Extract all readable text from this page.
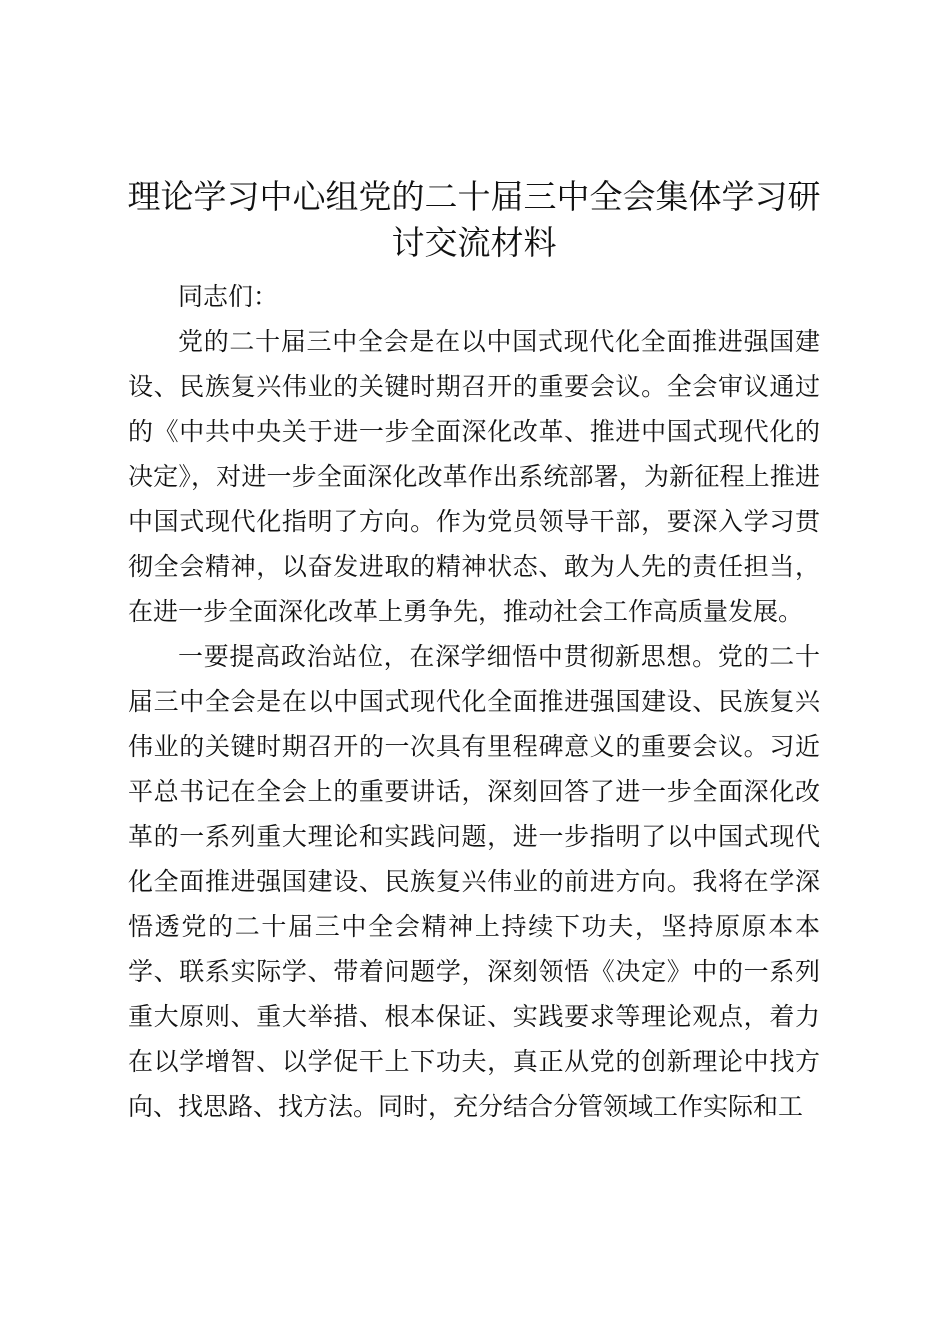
理论学习中心组党的二十届三中全会集体学习研讨交流材料

同志们：

党的二十届三中全会是在以中国式现代化全面推进强国建设、民族复兴伟业的关键时期召开的重要会议。全会审议通过的《中共中央关于进一步全面深化改革、推进中国式现代化的决定》，对进一步全面深化改革作出系统部署，为新征程上推进中国式现代化指明了方向。作为党员领导干部，要深入学习贯彻全会精神，以奋发进取的精神状态、敢为人先的责任担当，在进一步全面深化改革上勇争先，推动社会工作高质量发展。

一要提高政治站位，在深学细悟中贯彻新思想。党的二十届三中全会是在以中国式现代化全面推进强国建设、民族复兴伟业的关键时期召开的一次具有里程碑意义的重要会议。习近平总书记在全会上的重要讲话，深刻回答了进一步全面深化改革的一系列重大理论和实践问题，进一步指明了以中国式现代化全面推进强国建设、民族复兴伟业的前进方向。我将在学深悟透党的二十届三中全会精神上持续下功夫，坚持原原本本学、联系实际学、带着问题学，深刻领悟《决定》中的一系列重大原则、重大举措、根本保证、实践要求等理论观点，着力在以学增智、以学促干上下功夫，真正从党的创新理论中找方向、找思路、找方法。同时，充分结合分管领域工作实际和工
